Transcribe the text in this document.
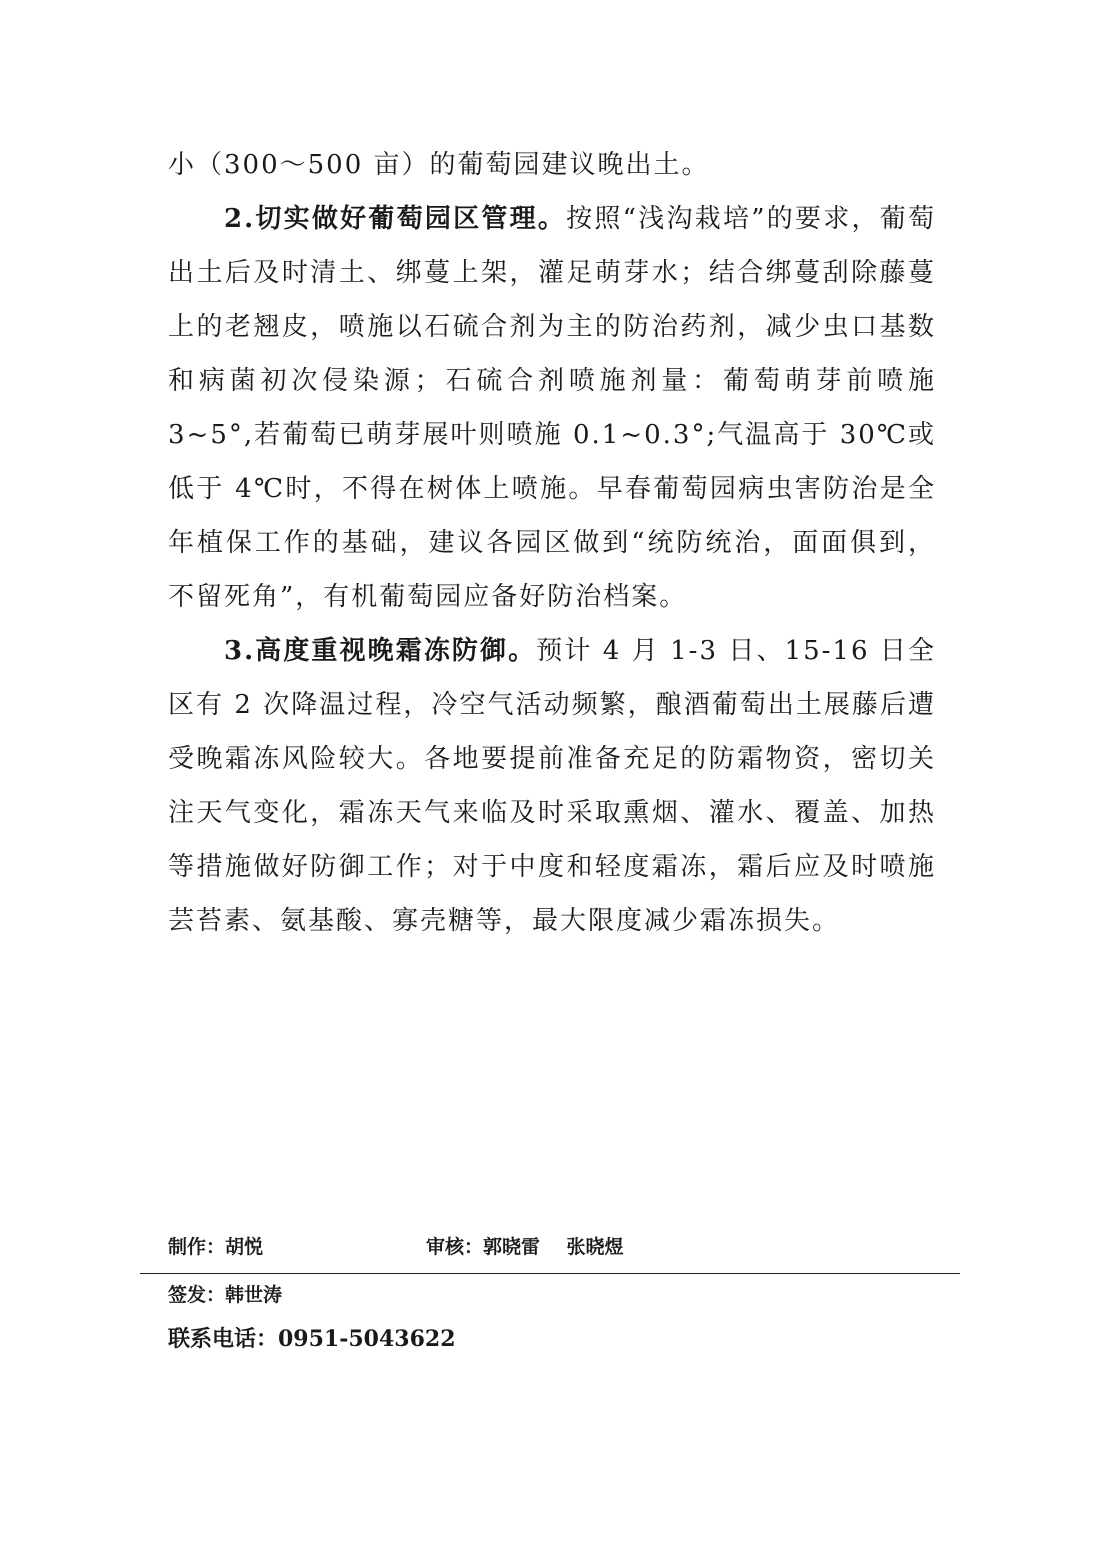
小（300～500 亩）的葡萄园建议晚出土。

2.切实做好葡萄园区管理。按照“浅沟栽培”的要求，葡萄出土后及时清土、绑蔓上架，灌足萌芽水；结合绑蔓刮除藤蔓上的老翘皮，喷施以石硫合剂为主的防治药剂，减少虫口基数和病菌初次侵染源；石硫合剂喷施剂量：葡萄萌芽前喷施 3~5°,若葡萄已萌芽展叶则喷施 0.1~0.3°;气温高于 30℃或低于 4℃时，不得在树体上喷施。早春葡萄园病虫害防治是全年植保工作的基础，建议各园区做到“统防统治，面面俱到，不留死角”，有机葡萄园应备好防治档案。

3.高度重视晚霜冻防御。预计 4 月 1-3 日、15-16 日全区有 2 次降温过程，冷空气活动频繁，酿酒葡萄出土展藤后遭受晚霜冻风险较大。各地要提前准备充足的防霜物资，密切关注天气变化，霜冻天气来临及时采取熏烟、灌水、覆盖、加热等措施做好防御工作；对于中度和轻度霜冻，霜后应及时喷施芸苔素、氨基酸、寡壳糖等，最大限度减少霜冻损失。

制作：胡悦	审核：郭晓雷    张晓煜
签发：韩世涛
联系电话：0951-5043622
